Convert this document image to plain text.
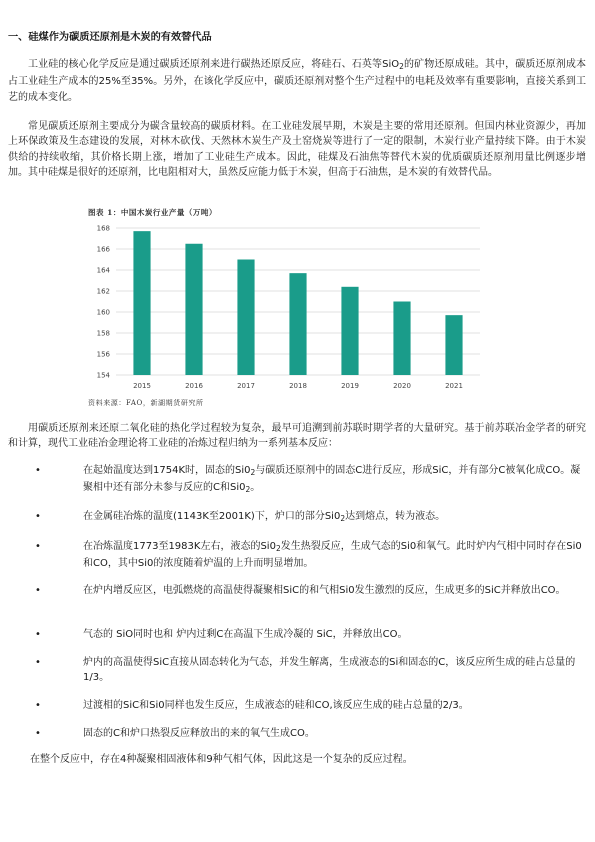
一、硅煤作为碳质还原剂是木炭的有效替代品

工业硅的核心化学反应是通过碳质还原剂来进行碳热还原反应，将硅石、石英等SiO$_2$的矿物还原成硅。其中，碳质还原剂成本占工业硅生产成本的25%至35%。另外，在该化学反应中，碳质还原剂对整个生产过程中的电耗及效率有重要影响，直接关系到工艺的成本变化。

常见碳质还原剂主要成分为碳含量较高的碳质材料。在工业硅发展早期，木炭是主要的常用还原剂。但国内林业资源少，再加上环保政策及生态建设的发展，对林木砍伐、天然林木炭生产及土窑烧炭等进行了一定的限制，木炭行业产量持续下降。由于木炭供给的持续收缩，其价格长期上涨，增加了工业硅生产成本。因此，硅煤及石油焦等替代木炭的优质碳质还原剂用量比例逐步增加。其中硅煤是很好的还原剂，比电阻相对大，虽然反应能力低于木炭，但高于石油焦，是木炭的有效替代品。

图表 1：中国木炭行业产量（万吨）
154
156
158
160
162
164
166
168
2015	2016	2017	2018	2019	2020	2021
资料来源：FAO，新湖期货研究所

用碳质还原剂来还原二氧化硅的热化学过程较为复杂，最早可追溯到前苏联时期学者的大量研究。基于前苏联冶金学者的研究和计算，现代工业硅冶金理论将工业硅的冶炼过程归纳为一系列基本反应：

•	在起始温度达到1754K时，固态的$Si0_2$与碳质还原剂中的固态C进行反应，形成SiC，并有部分C被氧化成CO。凝聚相中还有部分未参与反应的C和$Si0_2$。
•	在金属硅冶炼的温度(1143K至2001K)下，炉口的部分$Si0_2$达到熔点，转为液态。
•	在冶炼温度1773至1983K左右，液态的$Si0_2$发生热裂反应，生成气态的Si0和氧气。此时炉内气相中同时存在Si0和CO，其中Si0的浓度随着炉温的上升而明显增加。
•	在炉内增反应区，电弧燃烧的高温使得凝聚相SiC的和气相Si0发生激烈的反应，生成更多的SiC并释放出CO。
•	气态的 SiO同时也和 炉内过剩C在高温下生成冷凝的 SiC，并释放出CO。
•	炉内的高温使得SiC直接从固态转化为气态，并发生解离，生成液态的Si和固态的C，该反应所生成的硅占总量的1/3。
•	过渡相的SiC和Si0同样也发生反应，生成液态的硅和CO,该反应生成的硅占总量的2/3。
•	固态的C和炉口热裂反应释放出的来的氧气生成CO。

在整个反应中，存在4种凝聚相固液体和9种气相气体，因此这是一个复杂的反应过程。
